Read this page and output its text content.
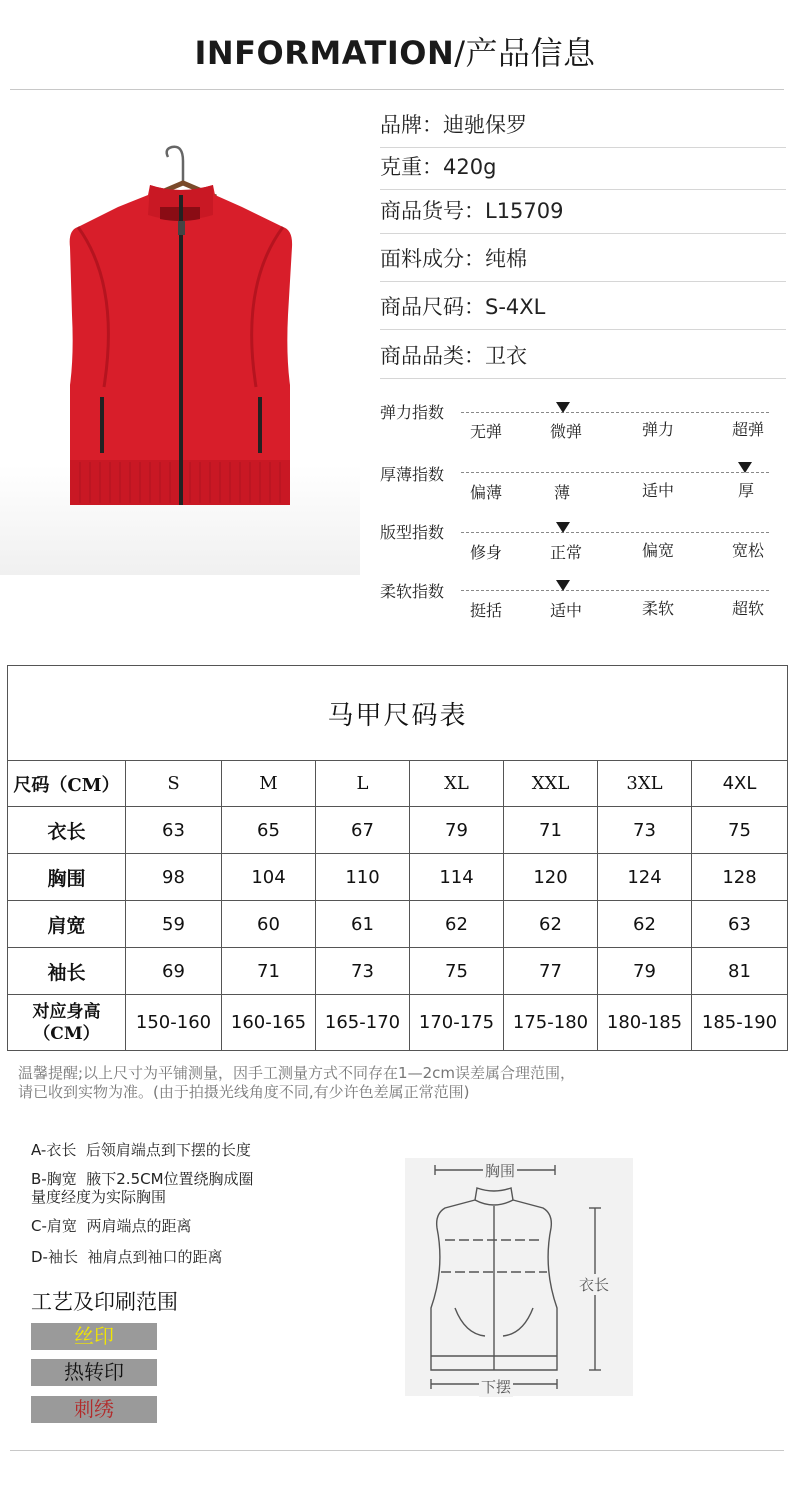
INFORMATION/产品信息
品牌：迪驰保罗
克重：420g
商品货号：L15709
面料成分：纯棉
商品尺码：S-4XL
商品品类：卫衣
弹力指数
无弹	微弹	弹力	超弹
厚薄指数
偏薄	薄	适中	厚
版型指数
修身	正常	偏宽	宽松
柔软指数
挺括	适中	柔软	超软
马甲尺码表							
尺码（CM）	S	M	L	XL	XXL	3XL	4XL
衣长	63	65	67	79	71	73	75
胸围	98	104	110	114	120	124	128
肩宽	59	60	61	62	62	62	63
袖长	69	71	73	75	77	79	81
对应身高（CM）	150-160	160-165	165-170	170-175	175-180	180-185	185-190
温馨提醒;以上尺寸为平铺测量，因手工测量方式不同存在1—2cm误差属合理范围，
请已收到实物为准。(由于拍摄光线角度不同,有少许色差属正常范围)
A-衣长 后领肩端点到下摆的长度
B-胸宽 腋下2.5CM位置绕胸成圈
量度经度为实际胸围
C-肩宽 两肩端点的距离
D-袖长 袖肩点到袖口的距离
工艺及印刷范围
丝印
热转印
刺绣
胸围
衣长
下摆
